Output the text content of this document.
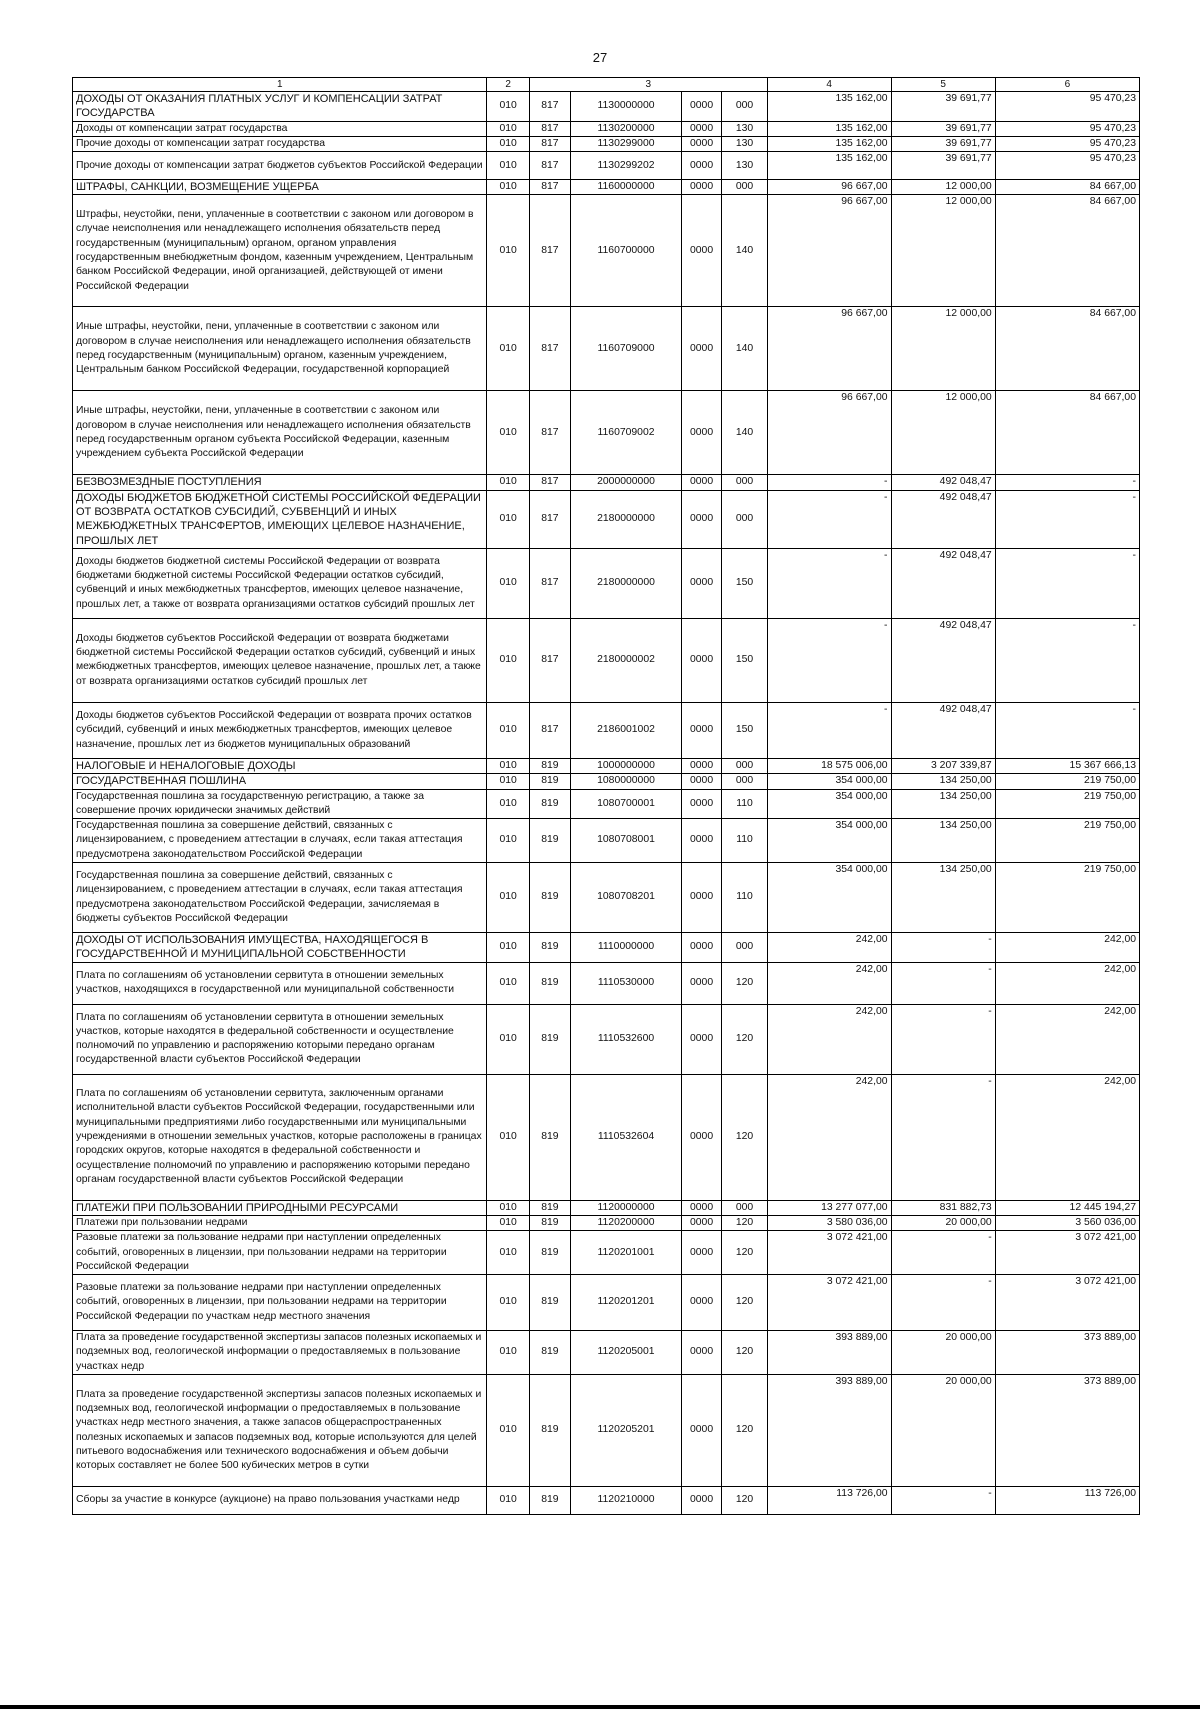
27
1	2	3				4	5	6
ДОХОДЫ ОТ ОКАЗАНИЯ ПЛАТНЫХ УСЛУГ И КОМПЕНСАЦИИ ЗАТРАТ ГОСУДАРСТВА	010	817	1130000000	0000	000	135 162,00	39 691,77	95 470,23
Доходы от компенсации затрат государства	010	817	1130200000	0000	130	135 162,00	39 691,77	95 470,23
Прочие доходы от компенсации затрат государства	010	817	1130299000	0000	130	135 162,00	39 691,77	95 470,23
Прочие доходы от компенсации затрат бюджетов субъектов Российской Федерации	010	817	1130299202	0000	130	135 162,00	39 691,77	95 470,23
ШТРАФЫ, САНКЦИИ, ВОЗМЕЩЕНИЕ УЩЕРБА	010	817	1160000000	0000	000	96 667,00	12 000,00	84 667,00
Штрафы, неустойки, пени, уплаченные в соответствии с законом или договором в случае неисполнения или ненадлежащего исполнения обязательств перед государственным (муниципальным) органом, органом управления государственным внебюджетным фондом, казенным учреждением, Центральным банком Российской Федерации, иной организацией, действующей от имени Российской Федерации	010	817	1160700000	0000	140	96 667,00	12 000,00	84 667,00
Иные штрафы, неустойки, пени, уплаченные в соответствии с законом или договором в случае неисполнения или ненадлежащего исполнения обязательств перед государственным (муниципальным) органом, казенным учреждением, Центральным банком Российской Федерации, государственной корпорацией	010	817	1160709000	0000	140	96 667,00	12 000,00	84 667,00
Иные штрафы, неустойки, пени, уплаченные в соответствии с законом или договором в случае неисполнения или ненадлежащего исполнения обязательств перед государственным органом субъекта Российской Федерации, казенным учреждением субъекта Российской Федерации	010	817	1160709002	0000	140	96 667,00	12 000,00	84 667,00
БЕЗВОЗМЕЗДНЫЕ ПОСТУПЛЕНИЯ	010	817	2000000000	0000	000	-	492 048,47	-
ДОХОДЫ БЮДЖЕТОВ БЮДЖЕТНОЙ СИСТЕМЫ РОССИЙСКОЙ ФЕДЕРАЦИИ ОТ ВОЗВРАТА ОСТАТКОВ СУБСИДИЙ, СУБВЕНЦИЙ И ИНЫХ МЕЖБЮДЖЕТНЫХ ТРАНСФЕРТОВ, ИМЕЮЩИХ ЦЕЛЕВОЕ НАЗНАЧЕНИЕ, ПРОШЛЫХ ЛЕТ	010	817	2180000000	0000	000	-	492 048,47	-
Доходы бюджетов бюджетной системы Российской Федерации от возврата бюджетами бюджетной системы Российской Федерации остатков субсидий, субвенций и иных межбюджетных трансфертов, имеющих целевое назначение, прошлых лет, а также от возврата организациями остатков субсидий прошлых лет	010	817	2180000000	0000	150	-	492 048,47	-
Доходы бюджетов субъектов Российской Федерации от возврата бюджетами бюджетной системы Российской Федерации остатков субсидий, субвенций и иных межбюджетных трансфертов, имеющих целевое назначение, прошлых лет, а также от возврата организациями остатков субсидий прошлых лет	010	817	2180000002	0000	150	-	492 048,47	-
Доходы бюджетов субъектов Российской Федерации от возврата прочих остатков субсидий, субвенций и иных межбюджетных трансфертов, имеющих целевое назначение, прошлых лет из бюджетов муниципальных образований	010	817	2186001002	0000	150	-	492 048,47	-
НАЛОГОВЫЕ И НЕНАЛОГОВЫЕ ДОХОДЫ	010	819	1000000000	0000	000	18 575 006,00	3 207 339,87	15 367 666,13
ГОСУДАРСТВЕННАЯ ПОШЛИНА	010	819	1080000000	0000	000	354 000,00	134 250,00	219 750,00
Государственная пошлина за государственную регистрацию, а также за совершение прочих юридически значимых действий	010	819	1080700001	0000	110	354 000,00	134 250,00	219 750,00
Государственная пошлина за совершение действий, связанных с лицензированием, с проведением аттестации в случаях, если такая аттестация предусмотрена законодательством Российской Федерации	010	819	1080708001	0000	110	354 000,00	134 250,00	219 750,00
Государственная пошлина за совершение действий, связанных с лицензированием, с проведением аттестации в случаях, если такая аттестация предусмотрена законодательством Российской Федерации, зачисляемая в бюджеты субъектов Российской Федерации	010	819	1080708201	0000	110	354 000,00	134 250,00	219 750,00
ДОХОДЫ ОТ ИСПОЛЬЗОВАНИЯ ИМУЩЕСТВА, НАХОДЯЩЕГОСЯ В ГОСУДАРСТВЕННОЙ И МУНИЦИПАЛЬНОЙ СОБСТВЕННОСТИ	010	819	1110000000	0000	000	242,00	-	242,00
Плата по соглашениям об установлении сервитута в отношении земельных участков, находящихся в государственной или муниципальной собственности	010	819	1110530000	0000	120	242,00	-	242,00
Плата по соглашениям об установлении сервитута в отношении земельных участков, которые находятся в федеральной собственности и осуществление полномочий по управлению и распоряжению которыми передано органам государственной власти субъектов Российской Федерации	010	819	1110532600	0000	120	242,00	-	242,00
Плата по соглашениям об установлении сервитута, заключенным органами исполнительной власти субъектов Российской Федерации, государственными или муниципальными предприятиями либо государственными или муниципальными учреждениями в отношении земельных участков, которые расположены в границах городских округов, которые находятся в федеральной собственности и осуществление полномочий по управлению и распоряжению которыми передано органам государственной власти субъектов Российской Федерации	010	819	1110532604	0000	120	242,00	-	242,00
ПЛАТЕЖИ ПРИ ПОЛЬЗОВАНИИ ПРИРОДНЫМИ РЕСУРСАМИ	010	819	1120000000	0000	000	13 277 077,00	831 882,73	12 445 194,27
Платежи при пользовании недрами	010	819	1120200000	0000	120	3 580 036,00	20 000,00	3 560 036,00
Разовые платежи за пользование недрами при наступлении определенных событий, оговоренных в лицензии, при пользовании недрами на территории Российской Федерации	010	819	1120201001	0000	120	3 072 421,00	-	3 072 421,00
Разовые платежи за пользование недрами при наступлении определенных событий, оговоренных в лицензии, при пользовании недрами на территории Российской Федерации по участкам недр местного значения	010	819	1120201201	0000	120	3 072 421,00	-	3 072 421,00
Плата за проведение государственной экспертизы запасов полезных ископаемых и подземных вод, геологической информации о предоставляемых в пользование участках недр	010	819	1120205001	0000	120	393 889,00	20 000,00	373 889,00
Плата за проведение государственной экспертизы запасов полезных ископаемых и подземных вод, геологической информации о предоставляемых в пользование участках недр местного значения, а также запасов общераспространенных полезных ископаемых и запасов подземных вод, которые используются для целей питьевого водоснабжения или технического водоснабжения и объем добычи которых составляет не более 500 кубических метров в сутки	010	819	1120205201	0000	120	393 889,00	20 000,00	373 889,00
Сборы за участие в конкурсе (аукционе) на право пользования участками недр	010	819	1120210000	0000	120	113 726,00	-	113 726,00
